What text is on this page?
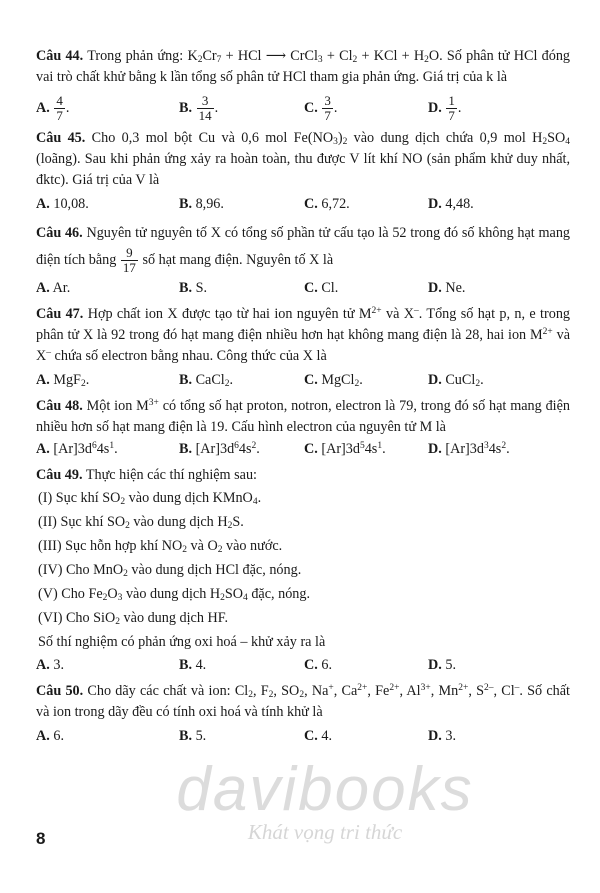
davibooks
Khát vọng tri thức

Câu 44. Trong phản ứng: $K_2Cr_7$ + HCl ⟶ CrCl$_3$ + $Cl_2$ + KCl + $H_2O$. Số phân tử HCl đóng vai trò chất khử bằng k lần tổng số phân tử HCl tham gia phản ứng. Giá trị của k là

A. $\frac{4}{7}$ .	B. $\frac{3}{14}$ .	C. $\frac{3}{7}$ .	D. $\frac{1}{7}$ .

Câu 45. Cho 0,3 mol bột Cu và 0,6 mol $Fe(NO_3)_2$ vào dung dịch chứa 0,9 mol $H_2SO_4$ (loãng). Sau khi phản ứng xảy ra hoàn toàn, thu được V lít khí NO (sản phẩm khử duy nhất, đktc). Giá trị của V là

A. 10,08.	B. 8,96.	C. 6,72.	D. 4,48.

Câu 46. Nguyên tử nguyên tố X có tổng số phần tử cấu tạo là 52 trong đó số không hạt mang điện tích bằng $\frac{9}{17}$ số hạt mang điện. Nguyên tố X là

A. Ar.	B. S.	C. Cl.	D. Ne.

Câu 47. Hợp chất ion X được tạo từ hai ion nguyên tử $M^{2+}$ và X–. Tổng số hạt p, n, e trong phân tử X là 92 trong đó hạt mang điện nhiều hơn hạt không mang điện là 28, hai ion $M^{2+}$ và X– chứa số electron bằng nhau. Công thức của X là

A. MgF$_2$.	B. CaCl$_2$.	C. MgCl$_2$.	D. CuCl$_2$.

Câu 48. Một ion $M^{3+}$ có tổng số hạt proton, notron, electron là 79, trong đó số hạt mang điện nhiều hơn số hạt mang điện là 19. Cấu hình electron của nguyên tử M là

A. $[Ar]3d^64s^1$.	B. $[Ar]3d^64s^2$.	C. $[Ar]3d^54s^1$.	D. $[Ar]3d^34s^2$.

Câu 49. Thực hiện các thí nghiệm sau:

(I) Sục khí $SO_2$ vào dung dịch KMnO$_4$.
(II) Sục khí $SO_2$ vào dung dịch $H_2S$.
(III) Sục hỗn hợp khí $NO_2$ và $O_2$ vào nước.
(IV) Cho MnO$_2$ vào dung dịch HCl đặc, nóng.
(V) Cho $Fe_2O_3$ vào dung dịch $H_2SO_4$ đặc, nóng.
(VI) Cho SiO$_2$ vào dung dịch HF.
Số thí nghiệm có phản ứng oxi hoá – khử xảy ra là
A. 3.	B. 4.	C. 6.	D. 5.

Câu 50. Cho dãy các chất và ion: $Cl_2$, $F_2$, $SO_2$, Na+, $Ca^{2+}$, $Fe^{2+}$, $Al^{3+}$, $Mn^{2+}$, $S^{2-}$, Cl–. Số chất và ion trong dãy đều có tính oxi hoá và tính khử là

A. 6.	B. 5.	C. 4.	D. 3.
8
